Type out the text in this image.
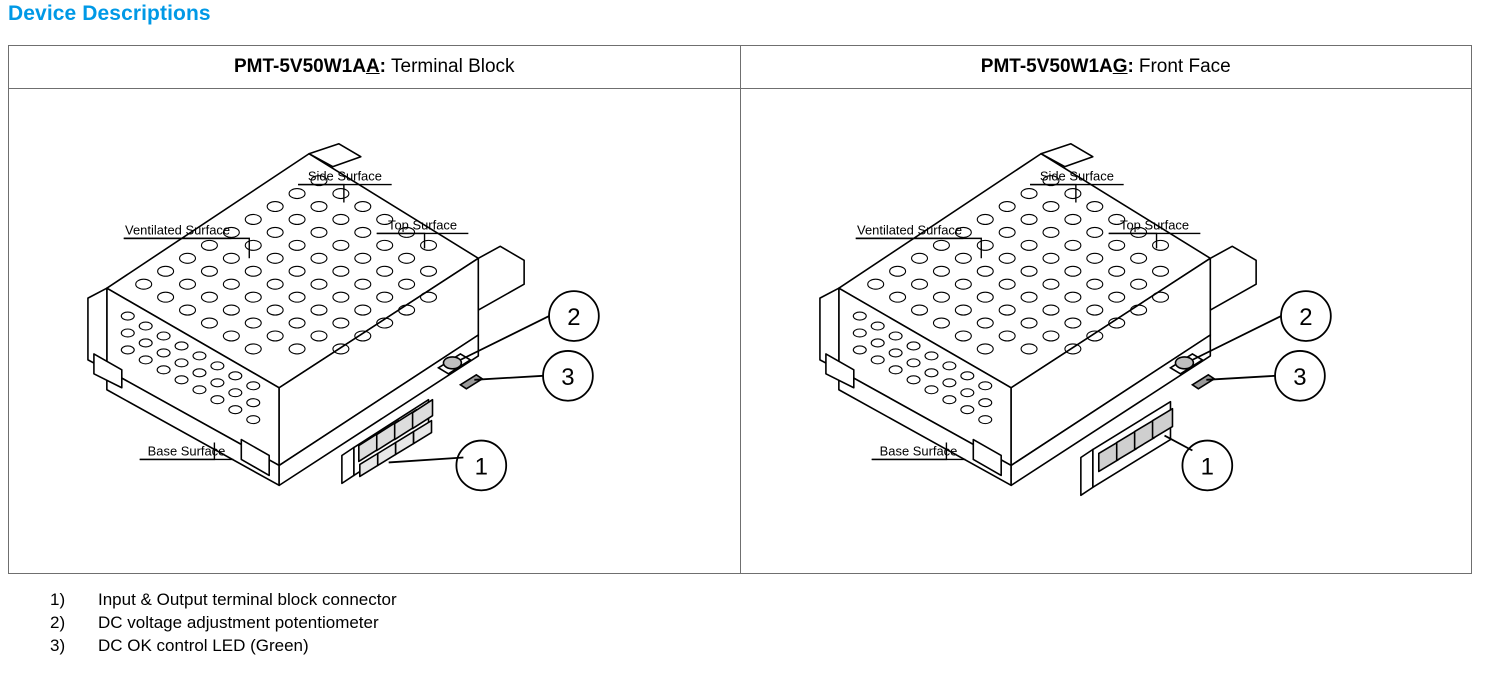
Device Descriptions
PMT-5V50W1AA: Terminal Block	PMT-5V50W1AG: Front Face
Side Surface
Ventilated Surface	Top Surface
Base Surface
1
2
3
Side Surface
Ventilated Surface	Top Surface
Base Surface
1
2
3
1)	Input & Output terminal block connector
2)	DC voltage adjustment potentiometer
3)	DC OK control LED (Green)
